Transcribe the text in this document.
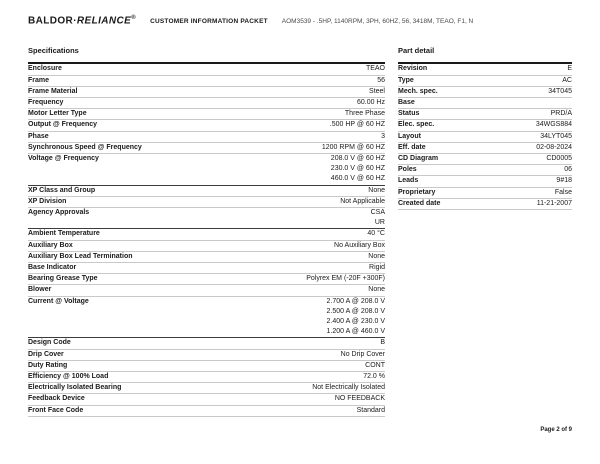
BALDOR·RELIANCE®
CUSTOMER INFORMATION PACKET AOM3539 - .5HP, 1140RPM, 3PH, 60HZ, 56, 3418M, TEAO, F1, N
Specifications
Enclosure	TEAO
Frame	56
Frame Material	Steel
Frequency	60.00 Hz
Motor Letter Type	Three Phase
Output @ Frequency	.500 HP @ 60 HZ
Phase	3
Synchronous Speed @ Frequency	1200 RPM @ 60 HZ
Voltage @ Frequency	208.0 V @ 60 HZ
230.0 V @ 60 HZ
460.0 V @ 60 HZ
XP Class and Group	None
XP Division	Not Applicable
Agency Approvals	CSA
UR
Ambient Temperature	40 °C
Auxiliary Box	No Auxiliary Box
Auxiliary Box Lead Termination	None
Base Indicator	Rigid
Bearing Grease Type	Polyrex EM (-20F +300F)
Blower	None
Current @ Voltage	2.700 A @ 208.0 V
2.500 A @ 208.0 V
2.400 A @ 230.0 V
1.200 A @ 460.0 V
Design Code	B
Drip Cover	No Drip Cover
Duty Rating	CONT
Efficiency @ 100% Load	72.0 %
Electrically Isolated Bearing	Not Electrically Isolated
Feedback Device	NO FEEDBACK
Front Face Code	Standard
Part detail
Revision	E
Type	AC
Mech. spec.	34T045
Base
Status	PRD/A
Elec. spec.	34WGS884
Layout	34LYT045
Eff. date	02-08-2024
CD Diagram	CD0005
Poles	06
Leads	9#18
Proprietary	False
Created date	11-21-2007
Page 2 of 9
